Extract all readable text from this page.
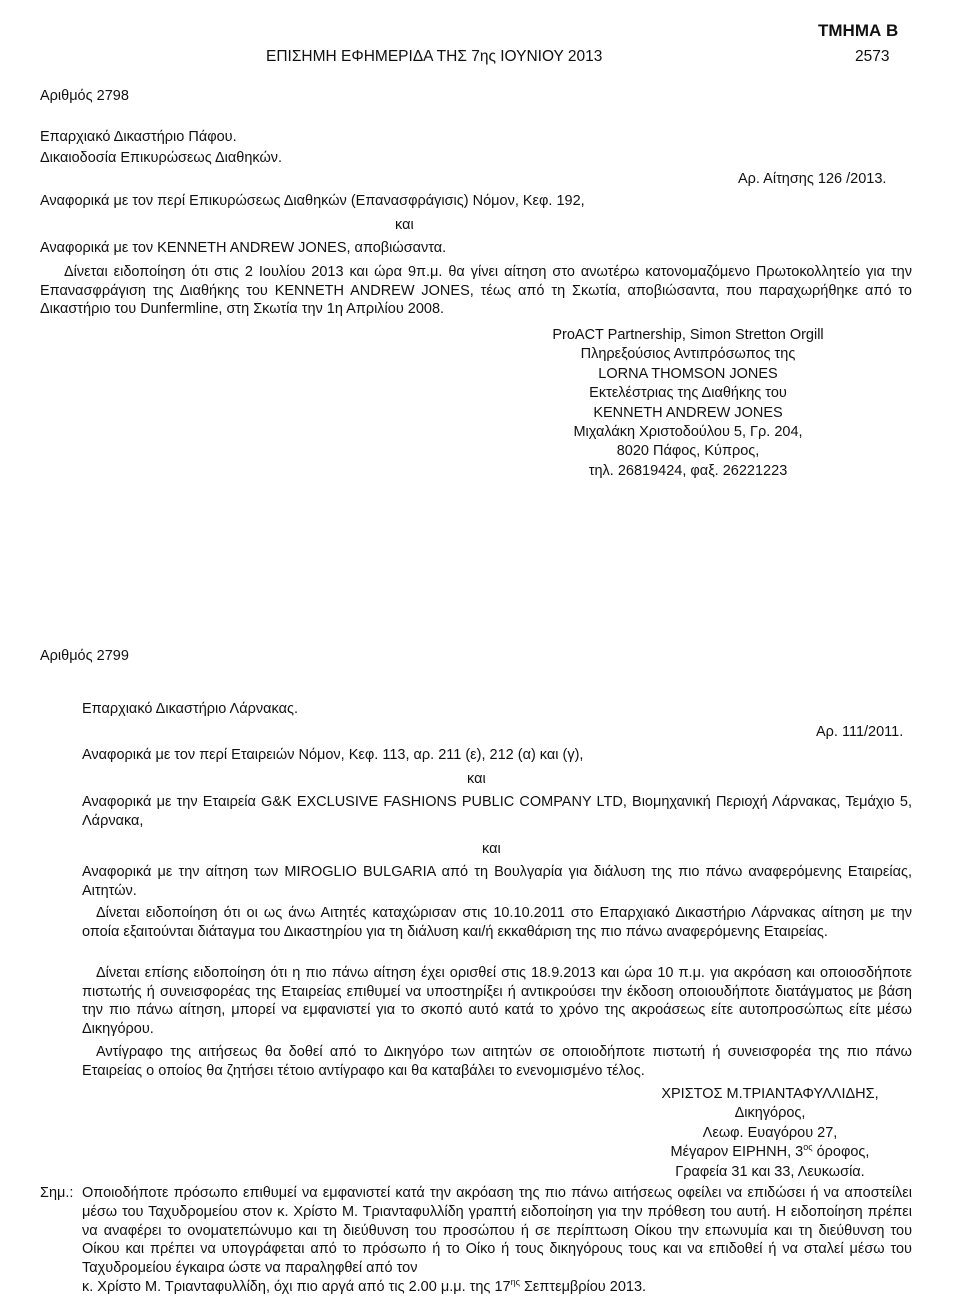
ΤΜΗΜΑ Β
ΕΠΙΣΗΜΗ ΕΦΗΜΕΡΙΔΑ ΤΗΣ 7ης ΙΟΥΝΙΟΥ 2013	2573
Αριθμός 2798
Επαρχιακό Δικαστήριο Πάφου.
Δικαιοδοσία Επικυρώσεως Διαθηκών.
Αρ. Αίτησης 126 /2013.
Αναφορικά με τον περί Επικυρώσεως Διαθηκών (Επανασφράγισις) Νόμον, Κεφ. 192,
και
Αναφορικά με τον KENNETH ANDREW JONES, αποβιώσαντα.
Δίνεται ειδοποίηση ότι στις 2 Ιουλίου 2013 και ώρα 9π.μ. θα γίνει αίτηση στο ανωτέρω κατονομαζόμενο Πρωτοκολλητείο για την Επανασφράγιση της Διαθήκης του KENNETH ANDREW JONES, τέως από τη Σκωτία, αποβιώσαντα, που παραχωρήθηκε από το Δικαστήριο του Dunfermline, στη Σκωτία την 1η Απριλίου 2008.
ProACT Partnership, Simon Stretton Orgill
Πληρεξούσιος Αντιπρόσωπος της
LORNA THOMSON JONES
Εκτελέστριας της Διαθήκης του
KENNETH ANDREW JONES
Μιχαλάκη Χριστοδούλου 5, Γρ. 204,
8020 Πάφος, Κύπρος,
τηλ. 26819424, φαξ. 26221223
Αριθμός 2799
Επαρχιακό Δικαστήριο Λάρνακας.
Αρ. 111/2011.
Αναφορικά με τον περί Εταιρειών Νόμον, Κεφ. 113, αρ. 211 (ε), 212 (α) και (γ),
και
Αναφορικά με την Εταιρεία G&K EXCLUSIVE FASHIONS PUBLIC COMPANY LTD, Βιομηχανική Περιοχή Λάρνακας, Τεμάχιο 5, Λάρνακα,
και
Αναφορικά με την αίτηση των MIROGLIO BULGARIA από τη Βουλγαρία για διάλυση της πιο πάνω αναφερόμενης Εταιρείας, Αιτητών.
Δίνεται ειδοποίηση ότι οι ως άνω Αιτητές καταχώρισαν στις 10.10.2011 στο Επαρχιακό Δικαστήριο Λάρνακας αίτηση με την οποία εξαιτούνται διάταγμα του Δικαστηρίου για τη διάλυση και/ή εκκαθάριση της πιο πάνω αναφερόμενης Εταιρείας.
Δίνεται επίσης ειδοποίηση ότι η πιο πάνω αίτηση έχει ορισθεί στις 18.9.2013 και ώρα 10 π.μ. για ακρόαση και οποιοσδήποτε πιστωτής ή συνεισφορέας της Εταιρείας επιθυμεί να υποστηρίξει ή αντικρούσει την έκδοση οποιουδήποτε διατάγματος με βάση την πιο πάνω αίτηση, μπορεί να εμφανιστεί για το σκοπό αυτό κατά το χρόνο της ακροάσεως είτε αυτοπροσώπως είτε μέσω Δικηγόρου.
Αντίγραφο της αιτήσεως θα δοθεί από το Δικηγόρο των αιτητών σε οποιοδήποτε πιστωτή ή συνεισφορέα της πιο πάνω Εταιρείας ο οποίος θα ζητήσει τέτοιο αντίγραφο και θα καταβάλει το ενενομισμένο τέλος.
ΧΡΙΣΤΟΣ Μ.ΤΡΙΑΝΤΑΦΥΛΛΙΔΗΣ,
Δικηγόρος,
Λεωφ. Ευαγόρου 27,
Μέγαρον ΕΙΡΗΝΗ, $3^{o\varsigma}$ όροφος,
Γραφεία 31 και 33, Λευκωσία.
Σημ.: Οποιοδήποτε πρόσωπο επιθυμεί να εμφανιστεί κατά την ακρόαση της πιο πάνω αιτήσεως οφείλει να επιδώσει ή να αποστείλει μέσω του Ταχυδρομείου στον κ. Χρίστο Μ. Τριανταφυλλίδη γραπτή ειδοποίηση για την πρόθεση του αυτή. Η ειδοποίηση πρέπει να αναφέρει το ονοματεπώνυμο και τη διεύθυνση του προσώπου ή σε περίπτωση Οίκου την επωνυμία και τη διεύθυνση του Οίκου και πρέπει να υπογράφεται από το πρόσωπο ή το Οίκο ή τους δικηγόρους τους και να επιδοθεί ή να σταλεί μέσω του Ταχυδρομείου έγκαιρα ώστε να παραληφθεί από τον
κ. Χρίστο Μ. Τριανταφυλλίδη, όχι πιο αργά από τις 2.00 μ.μ. της $17^{\eta\varsigma}$ Σεπτεμβρίου 2013.
